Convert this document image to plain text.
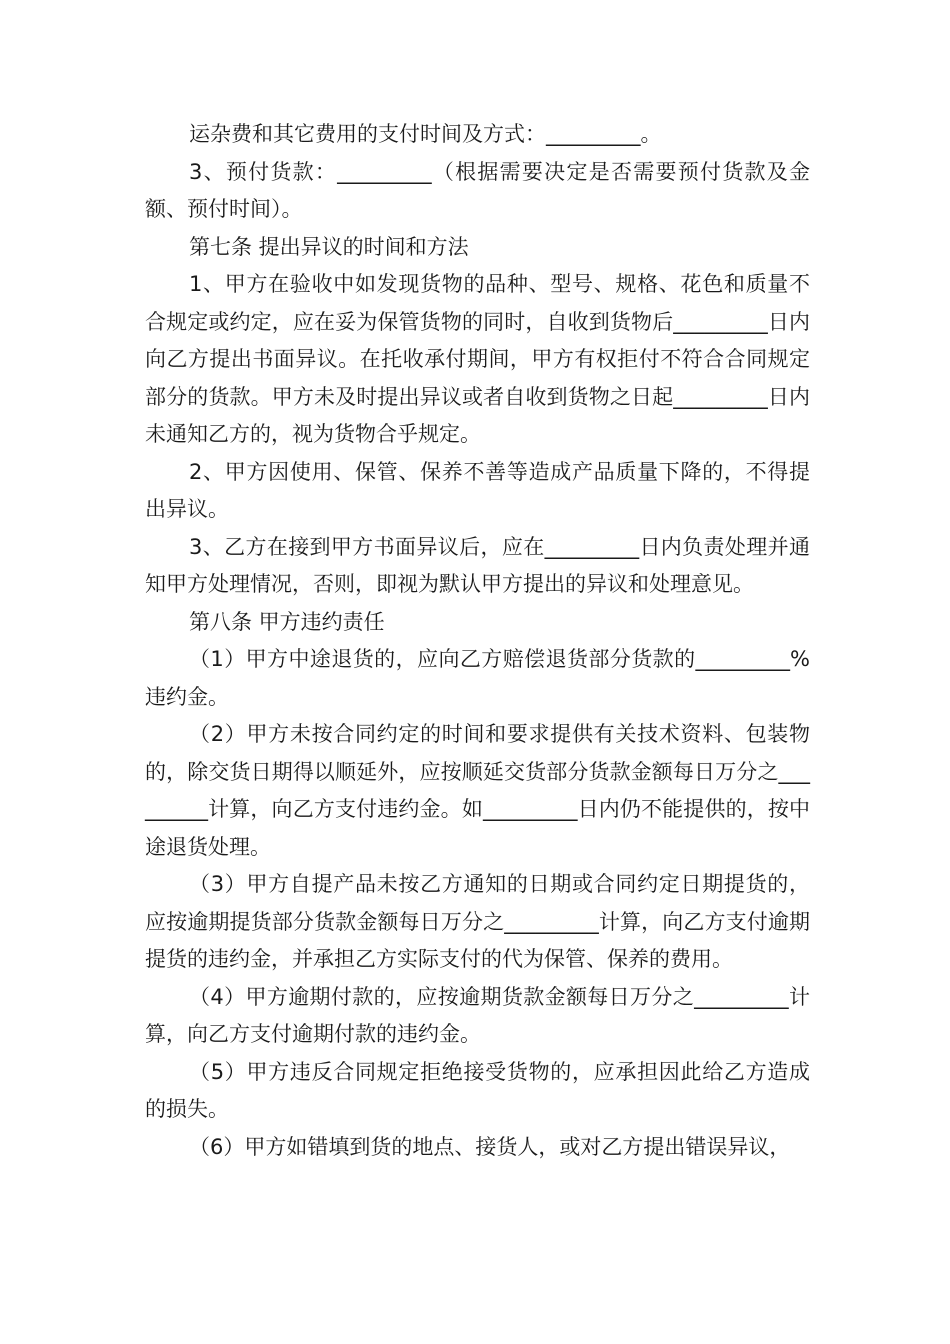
运杂费和其它费用的支付时间及方式：_________。

3、预付货款：_________（根据需要决定是否需要预付货款及金额、预付时间）。

第七条 提出异议的时间和方法

1、甲方在验收中如发现货物的品种、型号、规格、花色和质量不合规定或约定，应在妥为保管货物的同时，自收到货物后_________日内向乙方提出书面异议。在托收承付期间，甲方有权拒付不符合合同规定部分的货款。甲方未及时提出异议或者自收到货物之日起_________日内未通知乙方的，视为货物合乎规定。

2、甲方因使用、保管、保养不善等造成产品质量下降的，不得提出异议。

3、乙方在接到甲方书面异议后，应在_________日内负责处理并通知甲方处理情况，否则，即视为默认甲方提出的异议和处理意见。

第八条 甲方违约责任

（1）甲方中途退货的，应向乙方赔偿退货部分货款的_________%违约金。

（2）甲方未按合同约定的时间和要求提供有关技术资料、包装物的，除交货日期得以顺延外，应按顺延交货部分货款金额每日万分之_________计算，向乙方支付违约金。如_________日内仍不能提供的，按中途退货处理。

（3）甲方自提产品未按乙方通知的日期或合同约定日期提货的，应按逾期提货部分货款金额每日万分之_________计算，向乙方支付逾期提货的违约金，并承担乙方实际支付的代为保管、保养的费用。

（4）甲方逾期付款的，应按逾期货款金额每日万分之_________计算，向乙方支付逾期付款的违约金。

（5）甲方违反合同规定拒绝接受货物的，应承担因此给乙方造成的损失。

（6）甲方如错填到货的地点、接货人，或对乙方提出错误异议，
